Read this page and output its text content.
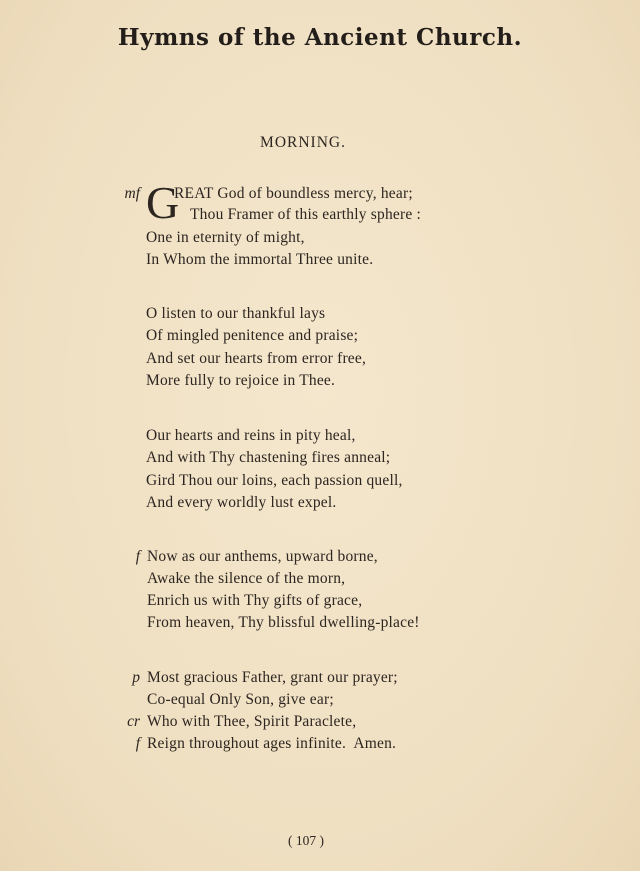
Hymns of the Ancient Church.
MORNING.
mf G
REAT God of boundless mercy, hear;
Thou Framer of this earthly sphere :
One in eternity of might,
In Whom the immortal Three unite.
O listen to our thankful lays
Of mingled penitence and praise;
And set our hearts from error free,
More fully to rejoice in Thee.
Our hearts and reins in pity heal,
And with Thy chastening fires anneal;
Gird Thou our loins, each passion quell,
And every worldly lust expel.
f Now as our anthems, upward borne,
Awake the silence of the morn,
Enrich us with Thy gifts of grace,
From heaven, Thy blissful dwelling-place!
p
cr
f
Most gracious Father, grant our prayer;
Co-equal Only Son, give ear;
Who with Thee, Spirit Paraclete,
Reign throughout ages infinite.  Amen.
( 107 )
